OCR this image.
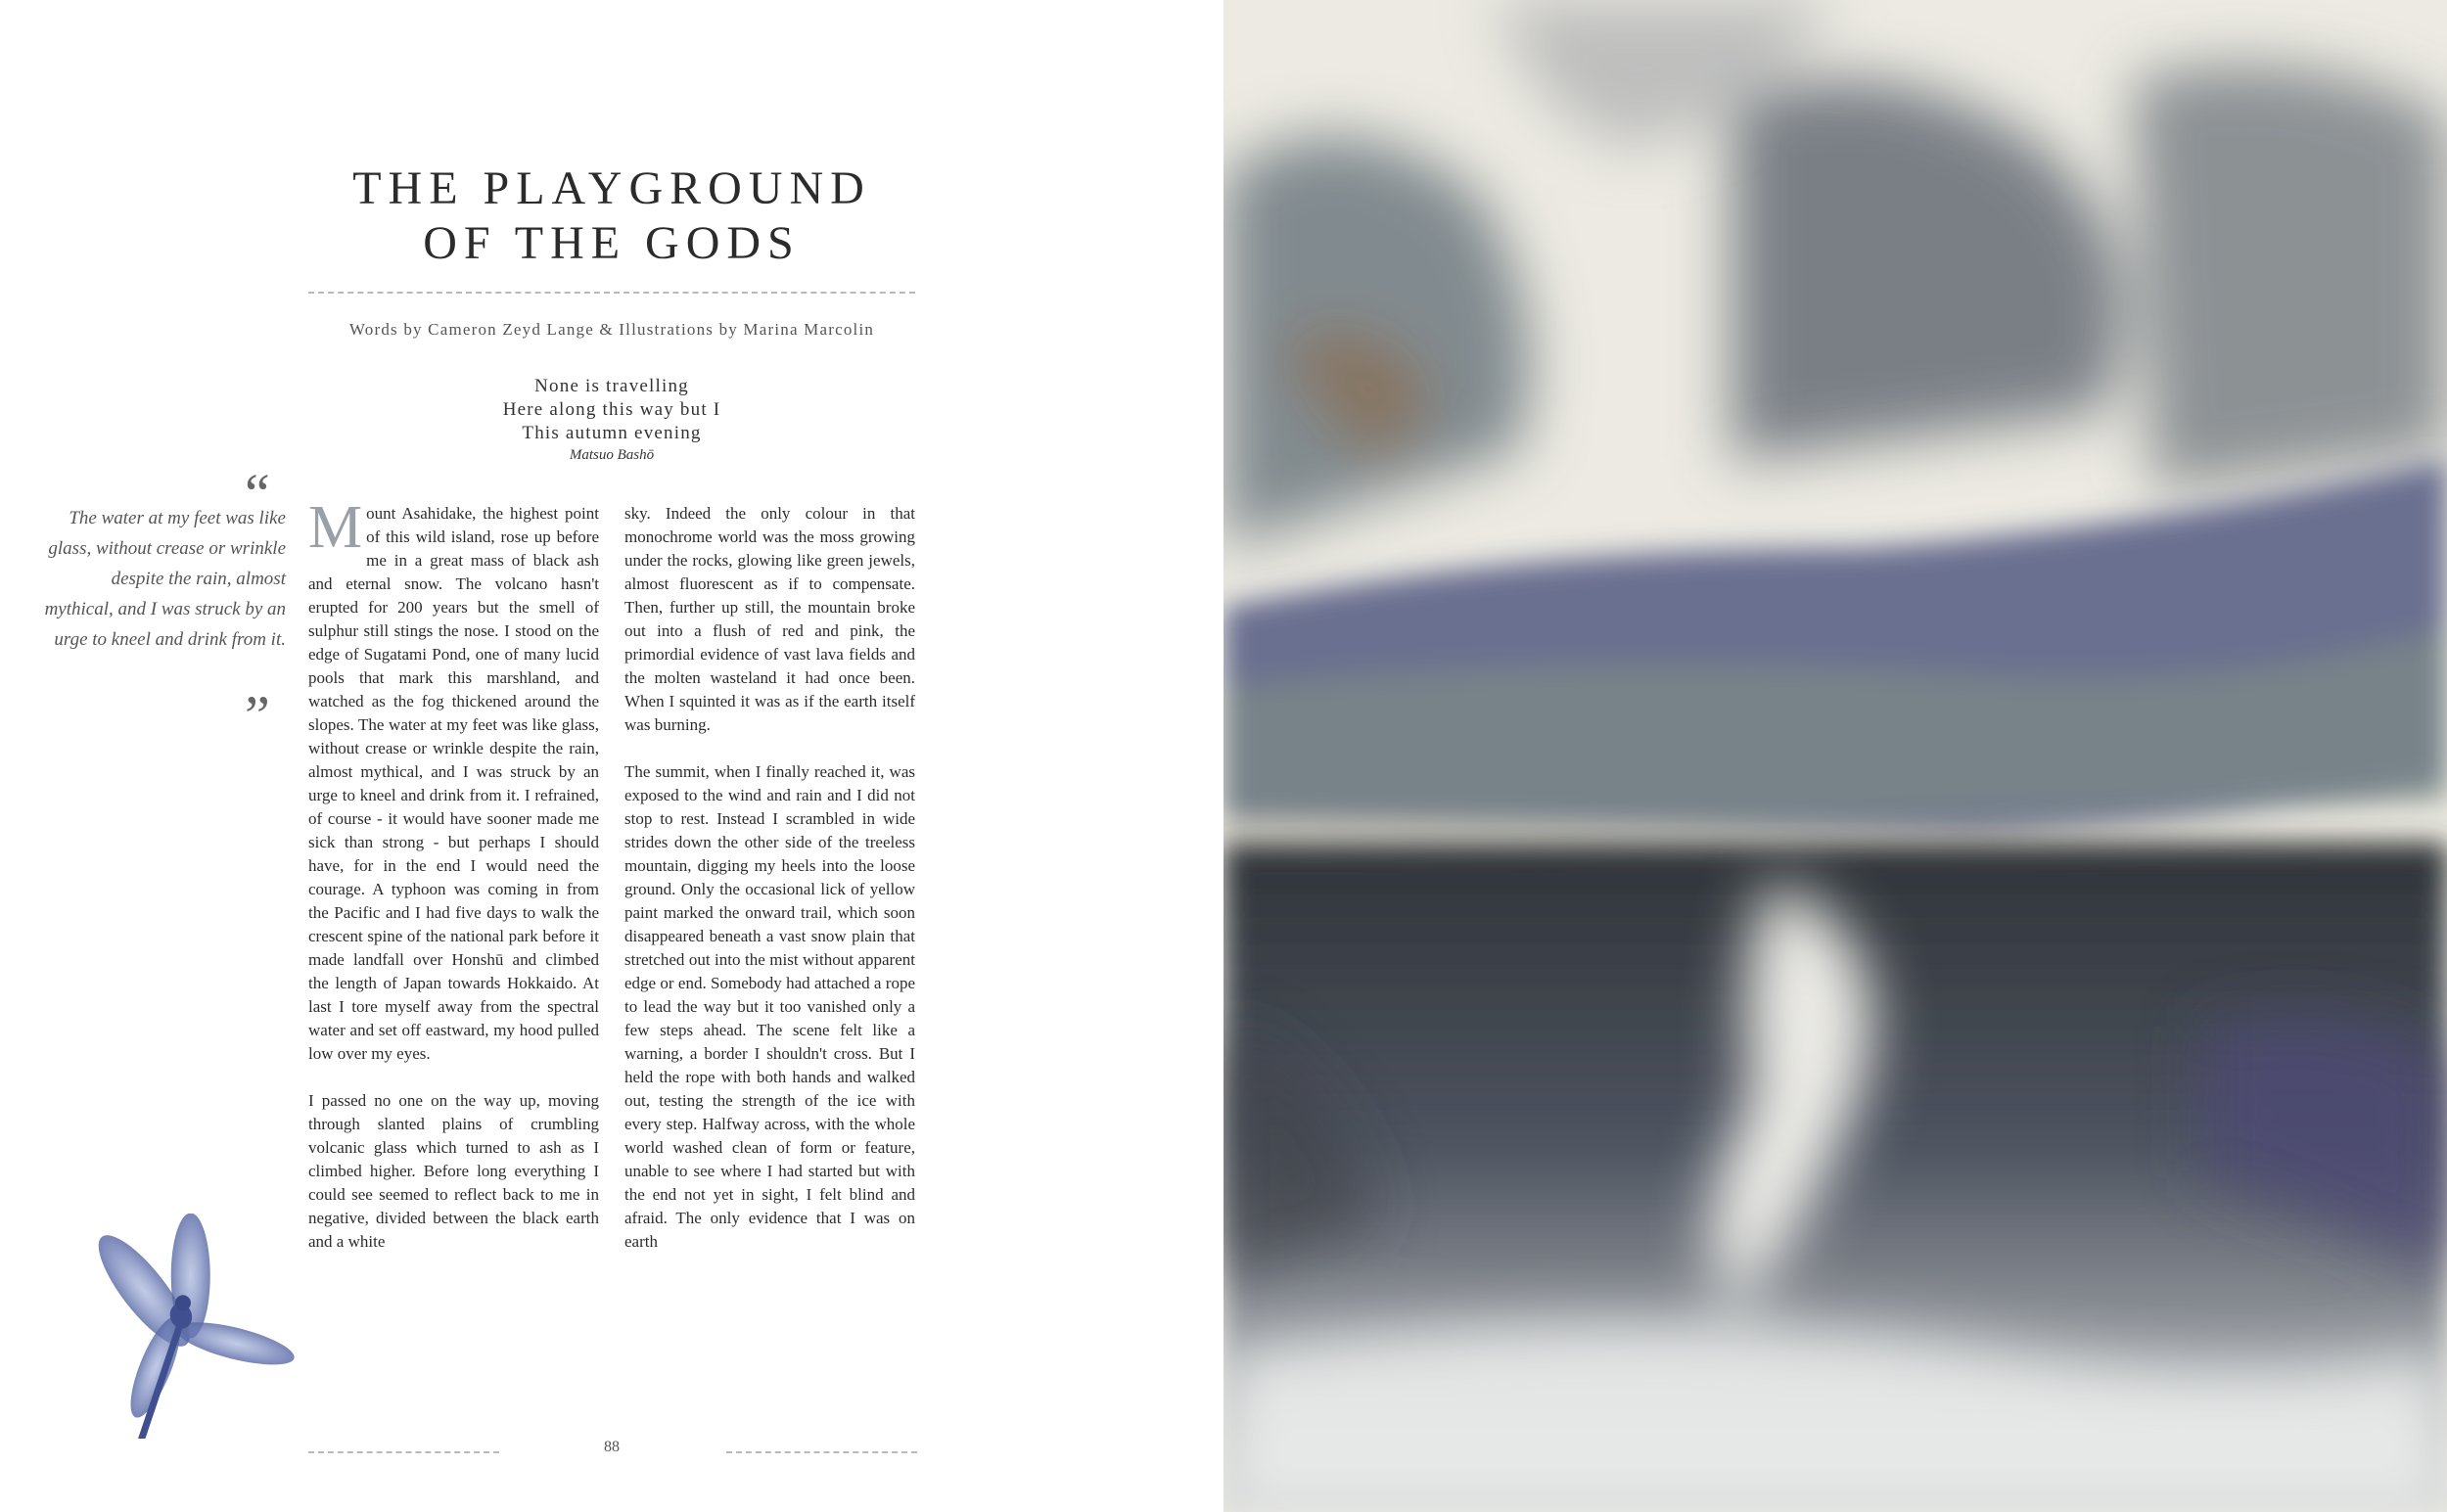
THE PLAYGROUND
OF THE GODS
Words by Cameron Zeyd Lange & Illustrations by Marina Marcolin
None is travelling
Here along this way but I
This autumn evening
Matsuo Bashō
“
The water at my feet was like glass, without crease or wrinkle despite the rain, almost mythical, and I was struck by an urge to kneel and drink from it.
”

Mount Asahidake, the highest point of this wild island, rose up before me in a great mass of black ash and eternal snow. The volcano hasn't erupted for 200 years but the smell of sulphur still stings the nose. I stood on the edge of Sugatami Pond, one of many lucid pools that mark this marshland, and watched as the fog thickened around the slopes. The water at my feet was like glass, without crease or wrinkle despite the rain, almost mythical, and I was struck by an urge to kneel and drink from it. I refrained, of course - it would have sooner made me sick than strong - but perhaps I should have, for in the end I would need the courage. A typhoon was coming in from the Pacific and I had five days to walk the crescent spine of the national park before it made landfall over Honshū and climbed the length of Japan towards Hokkaido. At last I tore myself away from the spectral water and set off eastward, my hood pulled low over my eyes.

I passed no one on the way up, moving through slanted plains of crumbling volcanic glass which turned to ash as I climbed higher. Before long everything I could see seemed to reflect back to me in negative, divided between the black earth and a white

sky. Indeed the only colour in that monochrome world was the moss growing under the rocks, glowing like green jewels, almost fluorescent as if to compensate. Then, further up still, the mountain broke out into a flush of red and pink, the primordial evidence of vast lava fields and the molten wasteland it had once been. When I squinted it was as if the earth itself was burning.

The summit, when I finally reached it, was exposed to the wind and rain and I did not stop to rest. Instead I scrambled in wide strides down the other side of the treeless mountain, digging my heels into the loose ground. Only the occasional lick of yellow paint marked the onward trail, which soon disappeared beneath a vast snow plain that stretched out into the mist without apparent edge or end. Somebody had attached a rope to lead the way but it too vanished only a few steps ahead. The scene felt like a warning, a border I shouldn't cross. But I held the rope with both hands and walked out, testing the strength of the ice with every step. Halfway across, with the whole world washed clean of form or feature, unable to see where I had started but with the end not yet in sight, I felt blind and afraid. The only evidence that I was on earth

88
